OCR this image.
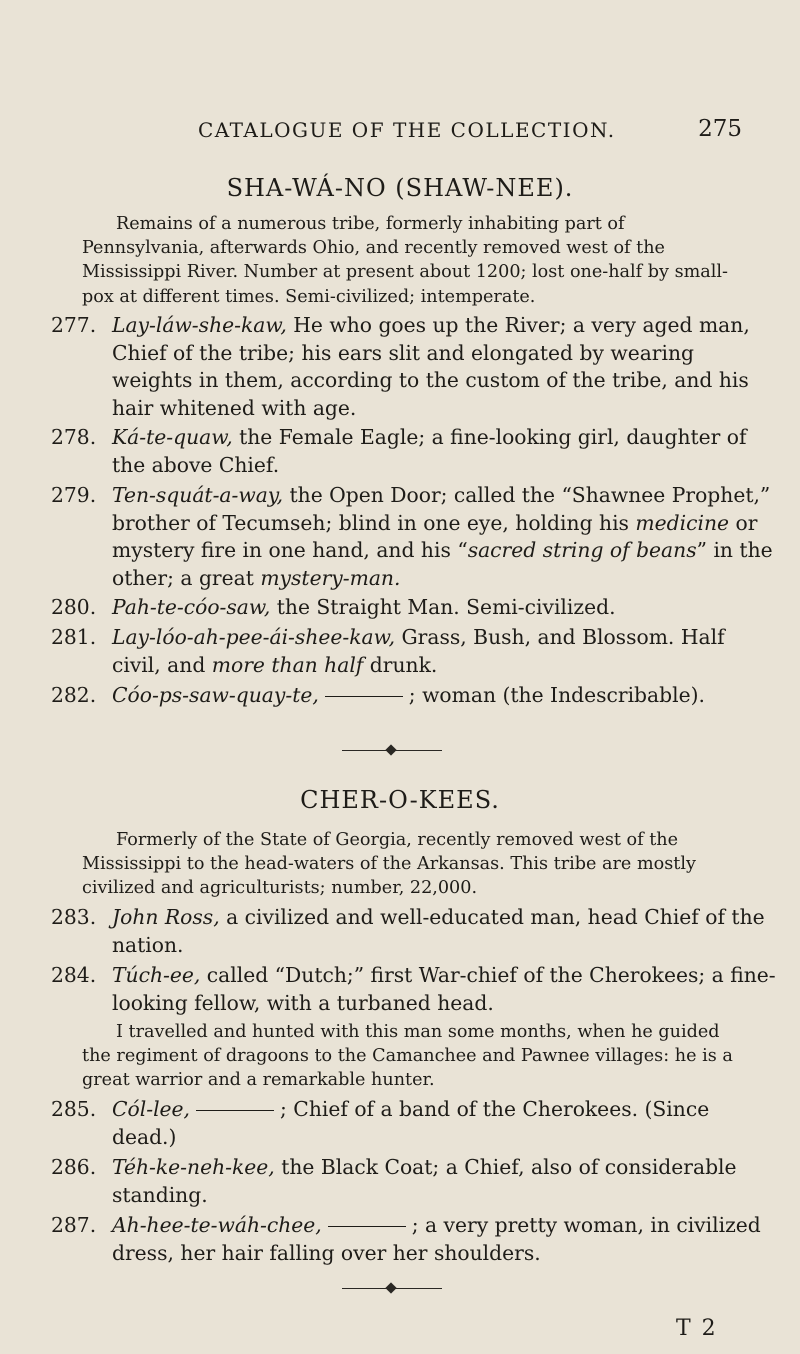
CATALOGUE OF THE COLLECTION.	275
SHA-WÁ-NO (SHAW-NEE).

Remains of a numerous tribe, formerly inhabiting part of Pennsylvania, afterwards Ohio, and recently removed west of the Mississippi River. Number at present about 1200; lost one-half by small-pox at different times. Semi-civilized; intemperate.

277. Lay-láw-she-kaw, He who goes up the River; a very aged man, Chief of the tribe; his ears slit and elongated by wearing weights in them, according to the custom of the tribe, and his hair whitened with age.
278. Ká-te-quaw, the Female Eagle; a fine-looking girl, daughter of the above Chief.
279. Ten-squát-a-way, the Open Door; called the “Shawnee Prophet,” brother of Tecumseh; blind in one eye, holding his medicine or mystery fire in one hand, and his “sacred string of beans” in the other; a great mystery-man.
280. Pah-te-cóo-saw, the Straight Man. Semi-civilized.
281. Lay-lóo-ah-pee-ái-shee-kaw, Grass, Bush, and Blossom. Half civil, and more than half drunk.
282. Cóo-ps-saw-quay-te,	; woman (the Indescribable).
CHER-O-KEES.

Formerly of the State of Georgia, recently removed west of the Mississippi to the head-waters of the Arkansas. This tribe are mostly civilized and agriculturists; number, 22,000.

283. John Ross, a civilized and well-educated man, head Chief of the nation.
284. Túch-ee, called “Dutch;” first War-chief of the Cherokees; a fine-looking fellow, with a turbaned head.
I travelled and hunted with this man some months, when he guided the regiment of dragoons to the Camanchee and Pawnee villages: he is a great warrior and a remarkable hunter.
285. Cól-lee,	; Chief of a band of the Cherokees. (Since dead.)
286. Téh-ke-neh-kee, the Black Coat; a Chief, also of considerable standing.
287. Ah-hee-te-wáh-chee,	; a very pretty woman, in civilized dress, her hair falling over her shoulders.
T 2
